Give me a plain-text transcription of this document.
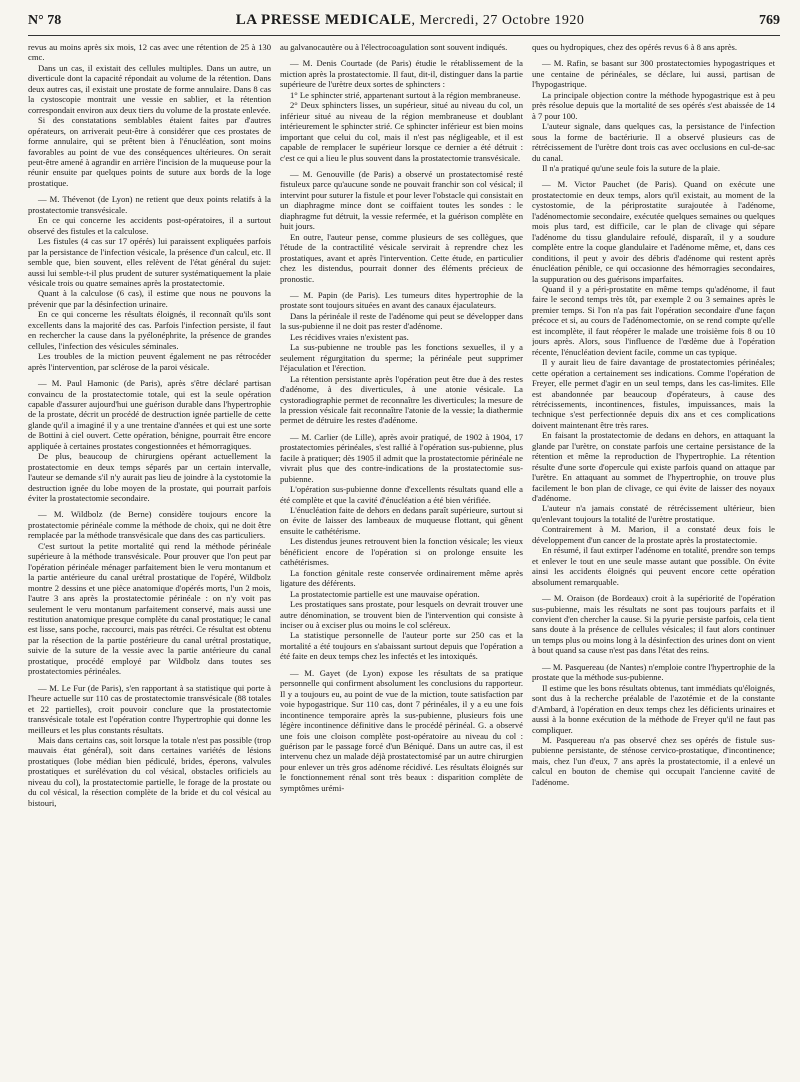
N° 78	LA PRESSE MEDICALE, Mercredi, 27 Octobre 1920	769

revus au moins après six mois, 12 cas avec une rétention de 25 à 130 cmc.

Dans un cas, il existait des cellules multiples. Dans un autre, un diverticule dont la capacité répondait au volume de la rétention. Dans deux autres cas, il existait une prostate de forme annulaire. Dans 8 cas la cystoscopie montrait une vessie en sablier, et la rétention correspondait environ aux deux tiers du volume de la prostate enlevée.

Si des constatations semblables étaient faites par d'autres opérateurs, on arriverait peut-être à considérer que ces prostates de forme annulaire, qui se prêtent bien à l'énucléation, sont moins favorables au point de vue des conséquences ultérieures. On serait peut-être amené à agrandir en arrière l'incision de la muqueuse pour la réunir ensuite par quelques points de suture aux bords de la loge prostatique.

— M. Thévenot (de Lyon) ne retient que deux points relatifs à la prostatectomie transvésicale.

En ce qui concerne les accidents post-opératoires, il a surtout observé des fistules et la calculose.

Les fistules (4 cas sur 17 opérés) lui paraissent expliquées parfois par la persistance de l'infection vésicale, la présence d'un calcul, etc. Il semble que, bien souvent, elles relèvent de l'état général du sujet: aussi lui semble-t-il plus prudent de suturer systématiquement la plaie vésicale trois ou quatre semaines après la prostatectomie.

Quant à la calculose (6 cas), il estime que nous ne pouvons la prévenir que par la désinfection urinaire.

En ce qui concerne les résultats éloignés, il reconnaît qu'ils sont excellents dans la majorité des cas. Parfois l'infection persiste, il faut en rechercher la cause dans la pyélonéphrite, la présence de grandes cellules, l'infection des vésicules séminales.

Les troubles de la miction peuvent également ne pas rétrocéder après l'intervention, par sclérose de la paroi vésicale.

— M. Paul Hamonic (de Paris), après s'être déclaré partisan convaincu de la prostatectomie totale, qui est la seule opération capable d'assurer aujourd'hui une guérison durable dans l'hypertrophie de la prostate, décrit un procédé de destruction ignée partielle de cette glande qu'il a imaginé il y a une trentaine d'années et qui est une sorte de Bottini à ciel ouvert. Cette opération, bénigne, pourrait être encore appliquée à certaines prostates congestionnées et hémorragiques.

De plus, beaucoup de chirurgiens opérant actuellement la prostatectomie en deux temps séparés par un certain intervalle, l'auteur se demande s'il n'y aurait pas lieu de joindre à la cystotomie la destruction ignée du lobe moyen de la prostate, qui pourrait parfois éviter la prostatectomie secondaire.

— M. Wildbolz (de Berne) considère toujours encore la prostatectomie périnéale comme la méthode de choix, qui ne doit être remplacée par la méthode transvésicale que dans des cas particuliers.

C'est surtout la petite mortalité qui rend la méthode périnéale supérieure à la méthode transvésicale. Pour prouver que l'on peut par l'opération périnéale ménager parfaitement bien le veru montanum et la partie antérieure du canal urétral prostatique de l'opéré, Wildbolz montre 2 dessins et une pièce anatomique d'opérés morts, l'un 2 mois, l'autre 3 ans après la prostatectomie périnéale : on n'y voit pas seulement le veru montanum parfaitement conservé, mais aussi une restitution anatomique presque complète du canal prostatique; le canal est lisse, sans poche, raccourci, mais pas rétréci. Ce résultat est obtenu par la résection de la partie postérieure du canal urétral prostatique, suivie de la suture de la vessie avec la partie antérieure du canal prostatique, procédé employé par Wildbolz dans toutes ses prostatectomies périnéales.

— M. Le Fur (de Paris), s'en rapportant à sa statistique qui porte à l'heure actuelle sur 110 cas de prostatectomie transvésicale (88 totales et 22 partielles), croit pouvoir conclure que la prostatectomie transvésicale totale est l'opération contre l'hypertrophie qui donne les meilleurs et les plus constants résultats.

Mais dans certains cas, soit lorsque la totale n'est pas possible (trop mauvais état général), soit dans certaines variétés de lésions prostatiques (lobe médian bien pédiculé, brides, éperons, valvules prostatiques et surélévation du col vésical, obstacles orificiels au niveau du col), la prostatectomie partielle, le forage de la prostate ou du col vésical, la résection complète de la bride et du col vésical au bistouri,

au galvanocautère ou à l'électrocoagulation sont souvent indiqués.

— M. Denis Courtade (de Paris) étudie le rétablissement de la miction après la prostatectomie. Il faut, dit-il, distinguer dans la partie supérieure de l'urètre deux sortes de sphincters :

1° Le sphincter strié, appartenant surtout à la région membraneuse.

2° Deux sphincters lisses, un supérieur, situé au niveau du col, un inférieur situé au niveau de la région membraneuse et doublant intérieurement le sphincter strié. Ce sphincter inférieur est bien moins important que celui du col, mais il n'est pas négligeable, et il est capable de remplacer le supérieur lorsque ce dernier a été détruit : c'est ce qui a lieu le plus souvent dans la prostatectomie transvésicale.

— M. Genouville (de Paris) a observé un prostatectomisé resté fistuleux parce qu'aucune sonde ne pouvait franchir son col vésical; il intervint pour suturer la fistule et pour lever l'obstacle qui consistait en un diaphragme mince dont se coiffaient toutes les sondes : le diaphragme fut détruit, la vessie refermée, et la guérison complète en huit jours.

En outre, l'auteur pense, comme plusieurs de ses collègues, que l'étude de la contractilité vésicale servirait à reprendre chez les prostatiques, avant et après l'intervention. Cette étude, en particulier chez les distendus, pourrait donner des éléments précieux de pronostic.

— M. Papin (de Paris). Les tumeurs dites hypertrophie de la prostate sont toujours situées en avant des canaux éjaculateurs.

Dans la périnéale il reste de l'adénome qui peut se développer dans la sus-pubienne il ne doit pas rester d'adénome.

Les récidives vraies n'existent pas.

La sus-pubienne ne trouble pas les fonctions sexuelles, il y a seulement régurgitation du sperme; la périnéale peut supprimer l'éjaculation et l'érection.

La rétention persistante après l'opération peut être due à des restes d'adénome, à des diverticules, à une atonie vésicale. La cystoradiographie permet de reconnaître les diverticules; la mesure de la pression vésicale fait reconnaître l'atonie de la vessie; la diathermie permet de détruire les restes d'adénome.

— M. Carlier (de Lille), après avoir pratiqué, de 1902 à 1904, 17 prostatectomies périnéales, s'est rallié à l'opération sus-pubienne, plus facile à pratiquer; dès 1905 il admit que la prostatectomie périnéale ne vivrait plus que des contre-indications de la prostatectomie sus-pubienne.

L'opération sus-pubienne donne d'excellents résultats quand elle a été complète et que la cavité d'énucléation a été bien vérifiée.

L'énucléation faite de dehors en dedans paraît supérieure, surtout si on évite de laisser des lambeaux de muqueuse flottant, qui gênent ensuite le cathétérisme.

Les distendus jeunes retrouvent bien la fonction vésicale; les vieux bénéficient encore de l'opération si on prolonge ensuite les cathétérismes.

La fonction génitale reste conservée ordinairement même après ligature des déférents.

La prostatectomie partielle est une mauvaise opération.

Les prostatiques sans prostate, pour lesquels on devrait trouver une autre dénomination, se trouvent bien de l'intervention qui consiste à inciser ou à exciser plus ou moins le col scléreux.

La statistique personnelle de l'auteur porte sur 250 cas et la mortalité a été toujours en s'abaissant surtout depuis que l'opération a été faite en deux temps chez les infectés et les intoxiqués.

— M. Gayet (de Lyon) expose les résultats de sa pratique personnelle qui confirment absolument les conclusions du rapporteur. Il y a toujours eu, au point de vue de la miction, toute satisfaction par voie hypogastrique. Sur 110 cas, dont 7 périnéales, il y a eu une fois incontinence temporaire après la sus-pubienne, plusieurs fois une légère incontinence définitive dans le procédé périnéal. G. a observé une fois une cloison complète post-opératoire au niveau du col : guérison par le passage forcé d'un Béniqué. Dans un autre cas, il est intervenu chez un malade déjà prostatectomisé par un autre chirurgien pour enlever un très gros adénome récidivé. Les résultats éloignés sur le fonctionnement rénal sont très beaux : disparition complète de symptômes urémi-

ques ou hydropiques, chez des opérés revus 6 à 8 ans après.

— M. Rafin, se basant sur 300 prostatectomies hypogastriques et une centaine de périnéales, se déclare, lui aussi, partisan de l'hypogastrique.

La principale objection contre la méthode hypogastrique est à peu près résolue depuis que la mortalité de ses opérés s'est abaissée de 14 à 7 pour 100.

L'auteur signale, dans quelques cas, la persistance de l'infection sous la forme de bactériurie. Il a observé plusieurs cas de rétrécissement de l'urètre dont trois cas avec occlusions en cul-de-sac du canal.

Il n'a pratiqué qu'une seule fois la suture de la plaie.

— M. Victor Pauchet (de Paris). Quand on exécute une prostatectomie en deux temps, alors qu'il existait, au moment de la cystostomie, de la périprostatite surajoutée à l'adénome, l'adénomectomie secondaire, exécutée quelques semaines ou quelques mois plus tard, est difficile, car le plan de clivage qui sépare l'adénome du tissu glandulaire refoulé, disparaît, il y a soudure complète entre la coque glandulaire et l'adénome même, et, dans ces conditions, il peut y avoir des débris d'adénome qui restent après énucléation pénible, ce qui occasionne des hémorragies secondaires, la suppuration ou des guérisons imparfaites.

Quand il y a péri-prostatite en même temps qu'adénome, il faut faire le second temps très tôt, par exemple 2 ou 3 semaines après le premier temps. Si l'on n'a pas fait l'opération secondaire d'une façon précoce et si, au cours de l'adénomectomie, on se rend compte qu'elle est incomplète, il faut réopérer le malade une troisième fois 8 ou 10 jours après. Alors, sous l'influence de l'œdème due à l'opération récente, l'énucléation devient facile, comme un cas typique.

Il y aurait lieu de faire davantage de prostatectomies périnéales; cette opération a certainement ses indications. Comme l'opération de Freyer, elle permet d'agir en un seul temps, dans les cas-limites. Elle est abandonnée par beaucoup d'opérateurs, à cause des rétrécissements, incontinences, fistules, impuissances, mais la technique s'est perfectionnée depuis dix ans et ces complications doivent maintenant être très rares.

En faisant la prostatectomie de dedans en dehors, en attaquant la glande par l'urètre, on constate parfois une certaine persistance de la rétention et même la reproduction de l'hypertrophie. La rétention résulte d'une sorte d'opercule qui existe parfois quand on attaque par l'urètre. En attaquant au sommet de l'hypertrophie, on trouve plus facilement le bon plan de clivage, ce qui évite de laisser des noyaux d'adénome.

L'auteur n'a jamais constaté de rétrécissement ultérieur, bien qu'enlevant toujours la totalité de l'urètre prostatique.

Contrairement à M. Marion, il a constaté deux fois le développement d'un cancer de la prostate après la prostatectomie.

En résumé, il faut extirper l'adénome en totalité, prendre son temps et enlever le tout en une seule masse autant que possible. On évite ainsi les accidents éloignés qui peuvent encore cette opération absolument remarquable.

— M. Oraison (de Bordeaux) croit à la supériorité de l'opération sus-pubienne, mais les résultats ne sont pas toujours parfaits et il convient d'en chercher la cause. Si la pyurie persiste parfois, cela tient sans doute à la présence de cellules vésicales; il faut alors continuer un temps plus ou moins long à la désinfection des urines dont on vient à bout quand sa cause n'est pas dans l'état des reins.

— M. Pasquereau (de Nantes) n'emploie contre l'hypertrophie de la prostate que la méthode sus-pubienne.

Il estime que les bons résultats obtenus, tant immédiats qu'éloignés, sont dus à la recherche préalable de l'azotémie et de la constante d'Ambard, à l'opération en deux temps chez les déficients urinaires et aussi à la bonne exécution de la méthode de Freyer qu'il ne faut pas compliquer.

M. Pasquereau n'a pas observé chez ses opérés de fistule sus-pubienne persistante, de sténose cervico-prostatique, d'incontinence; mais, chez l'un d'eux, 7 ans après la prostatectomie, il a enlevé un calcul en bouton de chemise qui occupait l'ancienne cavité de l'adénome.
